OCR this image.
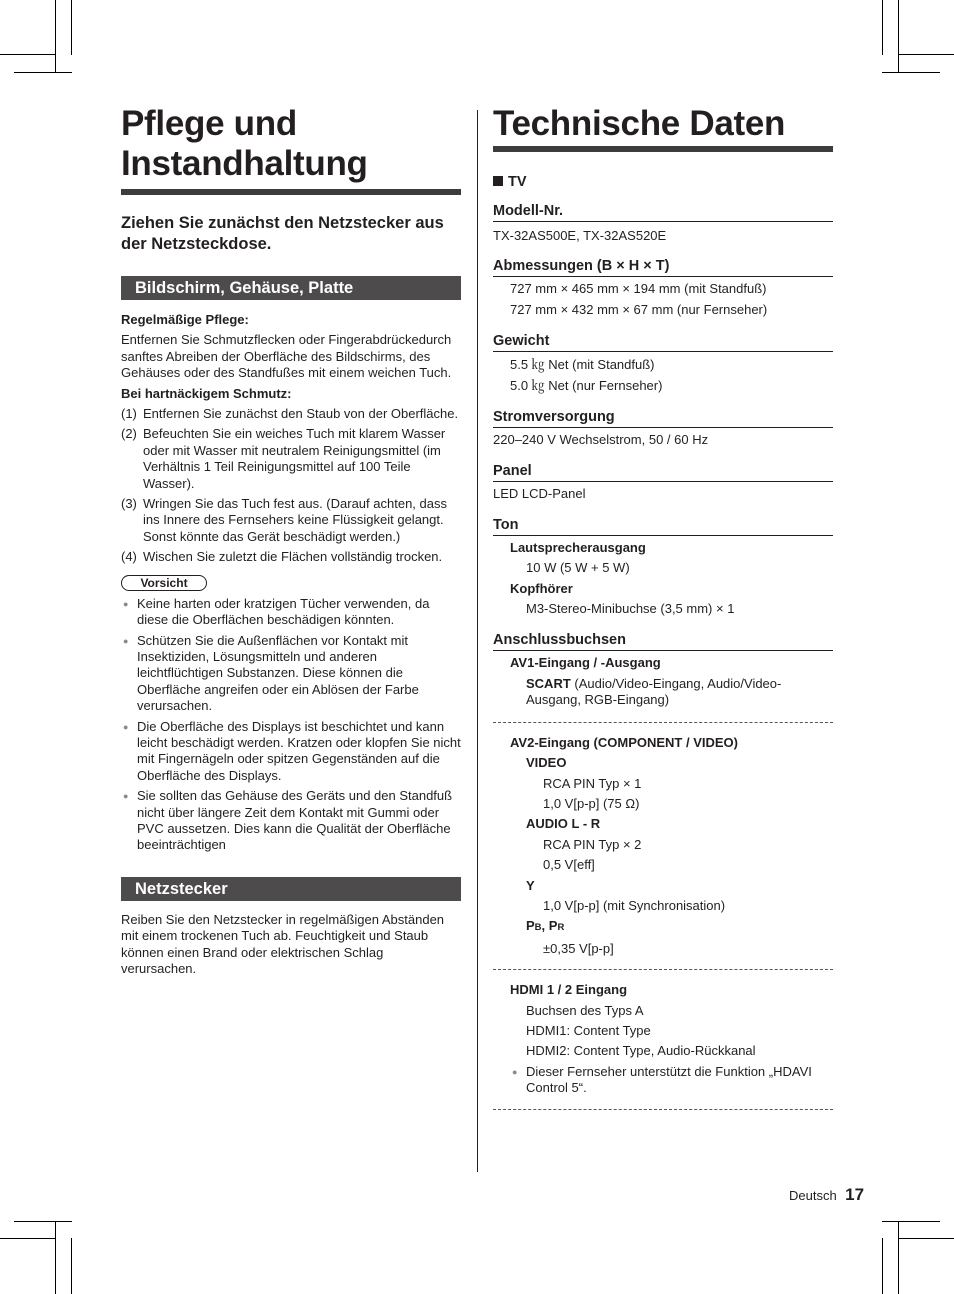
Pflege und
Instandhaltung
Ziehen Sie zunächst den Netzstecker aus der Netzsteckdose.
Bildschirm, Gehäuse, Platte
Regelmäßige Pflege:
Entfernen Sie Schmutzflecken oder Fingerabdrückedurch sanftes Abreiben der Oberfläche des Bildschirms, des Gehäuses oder des Standfußes mit einem weichen Tuch.
Bei hartnäckigem Schmutz:
(1) Entfernen Sie zunächst den Staub von der Oberfläche.
(2) Befeuchten Sie ein weiches Tuch mit klarem Wasser oder mit Wasser mit neutralem Reinigungsmittel (im Verhältnis 1 Teil Reinigungsmittel auf 100 Teile Wasser).
(3) Wringen Sie das Tuch fest aus. (Darauf achten, dass ins Innere des Fernsehers keine Flüssigkeit gelangt. Sonst könnte das Gerät beschädigt werden.)
(4) Wischen Sie zuletzt die Flächen vollständig trocken.
Vorsicht
● Keine harten oder kratzigen Tücher verwenden, da diese die Oberflächen beschädigen könnten.
● Schützen Sie die Außenflächen vor Kontakt mit Insektiziden, Lösungsmitteln und anderen leichtflüchtigen Substanzen. Diese können die Oberfläche angreifen oder ein Ablösen der Farbe verursachen.
● Die Oberfläche des Displays ist beschichtet und kann leicht beschädigt werden. Kratzen oder klopfen Sie nicht mit Fingernägeln oder spitzen Gegenständen auf die Oberfläche des Displays.
● Sie sollten das Gehäuse des Geräts und den Standfuß nicht über längere Zeit dem Kontakt mit Gummi oder PVC aussetzen. Dies kann die Qualität der Oberfläche beeinträchtigen
Netzstecker
Reiben Sie den Netzstecker in regelmäßigen Abständen mit einem trockenen Tuch ab. Feuchtigkeit und Staub können einen Brand oder elektrischen Schlag verursachen.
Technische Daten
TV
Modell-Nr.
TX-32AS500E, TX-32AS520E
Abmessungen (B × H × T)
727 mm × 465 mm × 194 mm (mit Standfuß)
727 mm × 432 mm × 67 mm (nur Fernseher)
Gewicht
5.5 ㎏ Net (mit Standfuß)
5.0 ㎏ Net (nur Fernseher)
Stromversorgung
220–240 V Wechselstrom, 50 / 60 Hz
Panel
LED LCD-Panel
Ton
Lautsprecherausgang
10 W (5 W + 5 W)
Kopfhörer
M3-Stereo-Minibuchse (3,5 mm) × 1
Anschlussbuchsen
AV1-Eingang / -Ausgang
SCART (Audio/Video-Eingang, Audio/Video-Ausgang, RGB-Eingang)
AV2-Eingang (COMPONENT / VIDEO)
VIDEO
RCA PIN Typ × 1
1,0 V[p-p] (75 Ω)
AUDIO L - R
RCA PIN Typ × 2
0,5 V[eff]
Y
1,0 V[p-p] (mit Synchronisation)
PB, PR
±0,35 V[p-p]
HDMI 1 / 2 Eingang
Buchsen des Typs A
HDMI1: Content Type
HDMI2: Content Type, Audio-Rückkanal
● Dieser Fernseher unterstützt die Funktion „HDAVI Control 5“.
Deutsch 17
